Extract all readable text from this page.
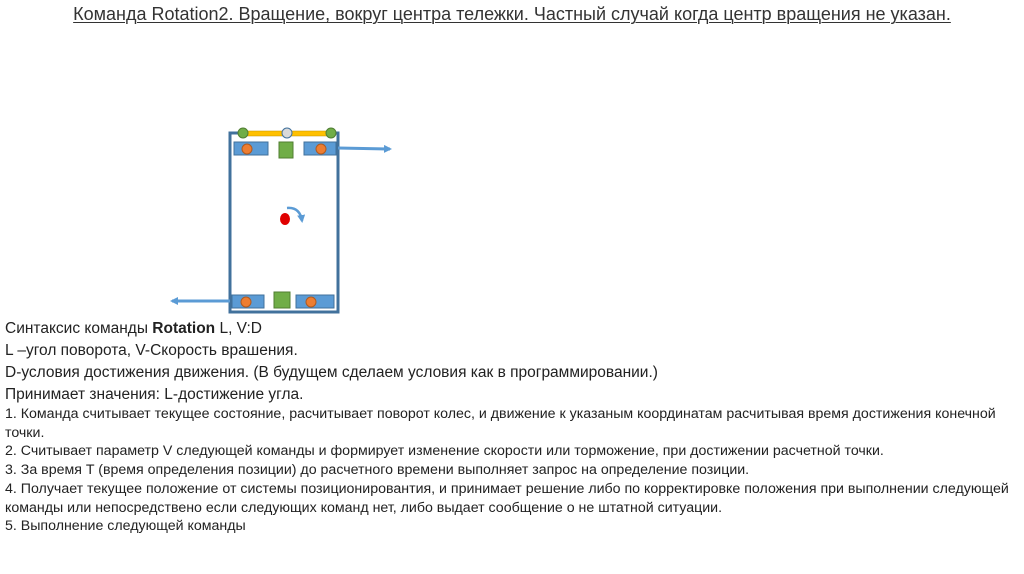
Команда Rotation2. Вращение, вокруг центра тележки. Частный случай когда центр вращения не указан.

Синтаксис команды Rotation L, V:D

L –угол поворота, V-Скорость врашения.

D-условия достижения движения. (В будущем сделаем условия как в программировании.)

Принимает значения: L-достижение угла.

1. Команда считывает текущее состояние, расчитывает поворот колес, и движение к указаным координатам расчитывая время достижения конечной точки.

2. Считывает параметр V следующей команды и формирует изменение скорости или торможение, при достижении расчетной точки.

3. За время T (время определения позиции) до расчетного времени выполняет запрос на определение позиции.

4. Получает текущее положение от системы позиционировантия, и принимает решение либо по корректировке положения при выполнении следующей команды или непосредствено если следующих команд нет, либо выдает сообщение о не штатной ситуации.

5. Выполнение следующей команды
